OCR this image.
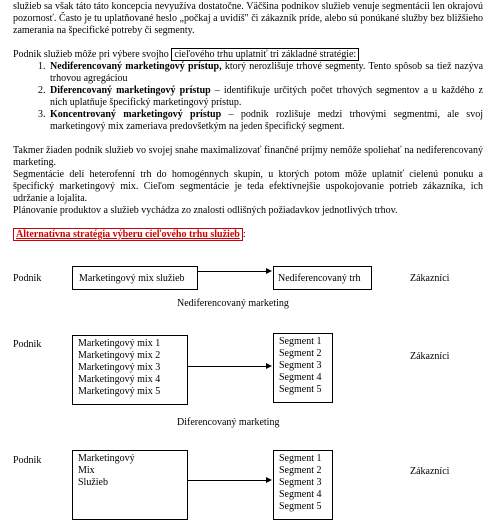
služieb sa však táto táto koncepcia nevyužíva dostatočne. Väčšina podnikov služieb venuje segmentácii len okrajovú pozornosť. Často je tu uplatňované heslo „počkaj a uvidíš" či zákazník príde, alebo sú ponúkané služby bez bližšieho zamerania na špecifické potreby či segmenty.

Podnik služieb môže pri výbere svojho cieľového trhu uplatniť tri základné stratégie:

1. Nediferencovaný marketingový prístup, ktorý nerozlišuje trhové segmenty. Tento spôsob sa tiež nazýva trhovou agregáciou
2. Diferencovaný marketingový prístup – identifikuje určitých počet trhových segmentov a u každého z nich uplatňuje špecifický marketingový prístup.
3. Koncentrovaný marketingový prístup – podnik rozlišuje medzi trhovými segmentmi, ale svoj marketingový mix zameriava predovšetkým na jeden špecifický segment.

Takmer žiaden podnik služieb vo svojej snahe maximalizovať finančné príjmy nemôže spoliehať na nediferencovaný marketing.

Segmentácie delí heterofenní trh do homogénnych skupín, u ktorých potom môže uplatniť cielenú ponuku a špecifický marketingový mix. Cieľom segmentácie je teda efektívnejšie uspokojovanie potrieb zákazníka, ich udržanie a lojalita.

Plánovanie produktov a služieb vychádza zo znalosti odlišných požiadavkov jednotlivých trhov.

Alternatívna stratégia výberu cieľového trhu služieb :

Podnik	Marketingový mix služieb	Nediferencovaný trh	Zákazníci
Nediferencovaný marketing
Podnik	Marketingový mix 1
Marketingový mix 2
Marketingový mix 3
Marketingový mix 4
Marketingový mix 5
Segment 1
Segment 2
Segment 3
Segment 4
Segment 5
Zákazníci
Diferencovaný marketing
Podnik	Marketingový
Mix
Služieb
Segment 1
Segment 2
Segment 3
Segment 4
Segment 5
Zákazníci
